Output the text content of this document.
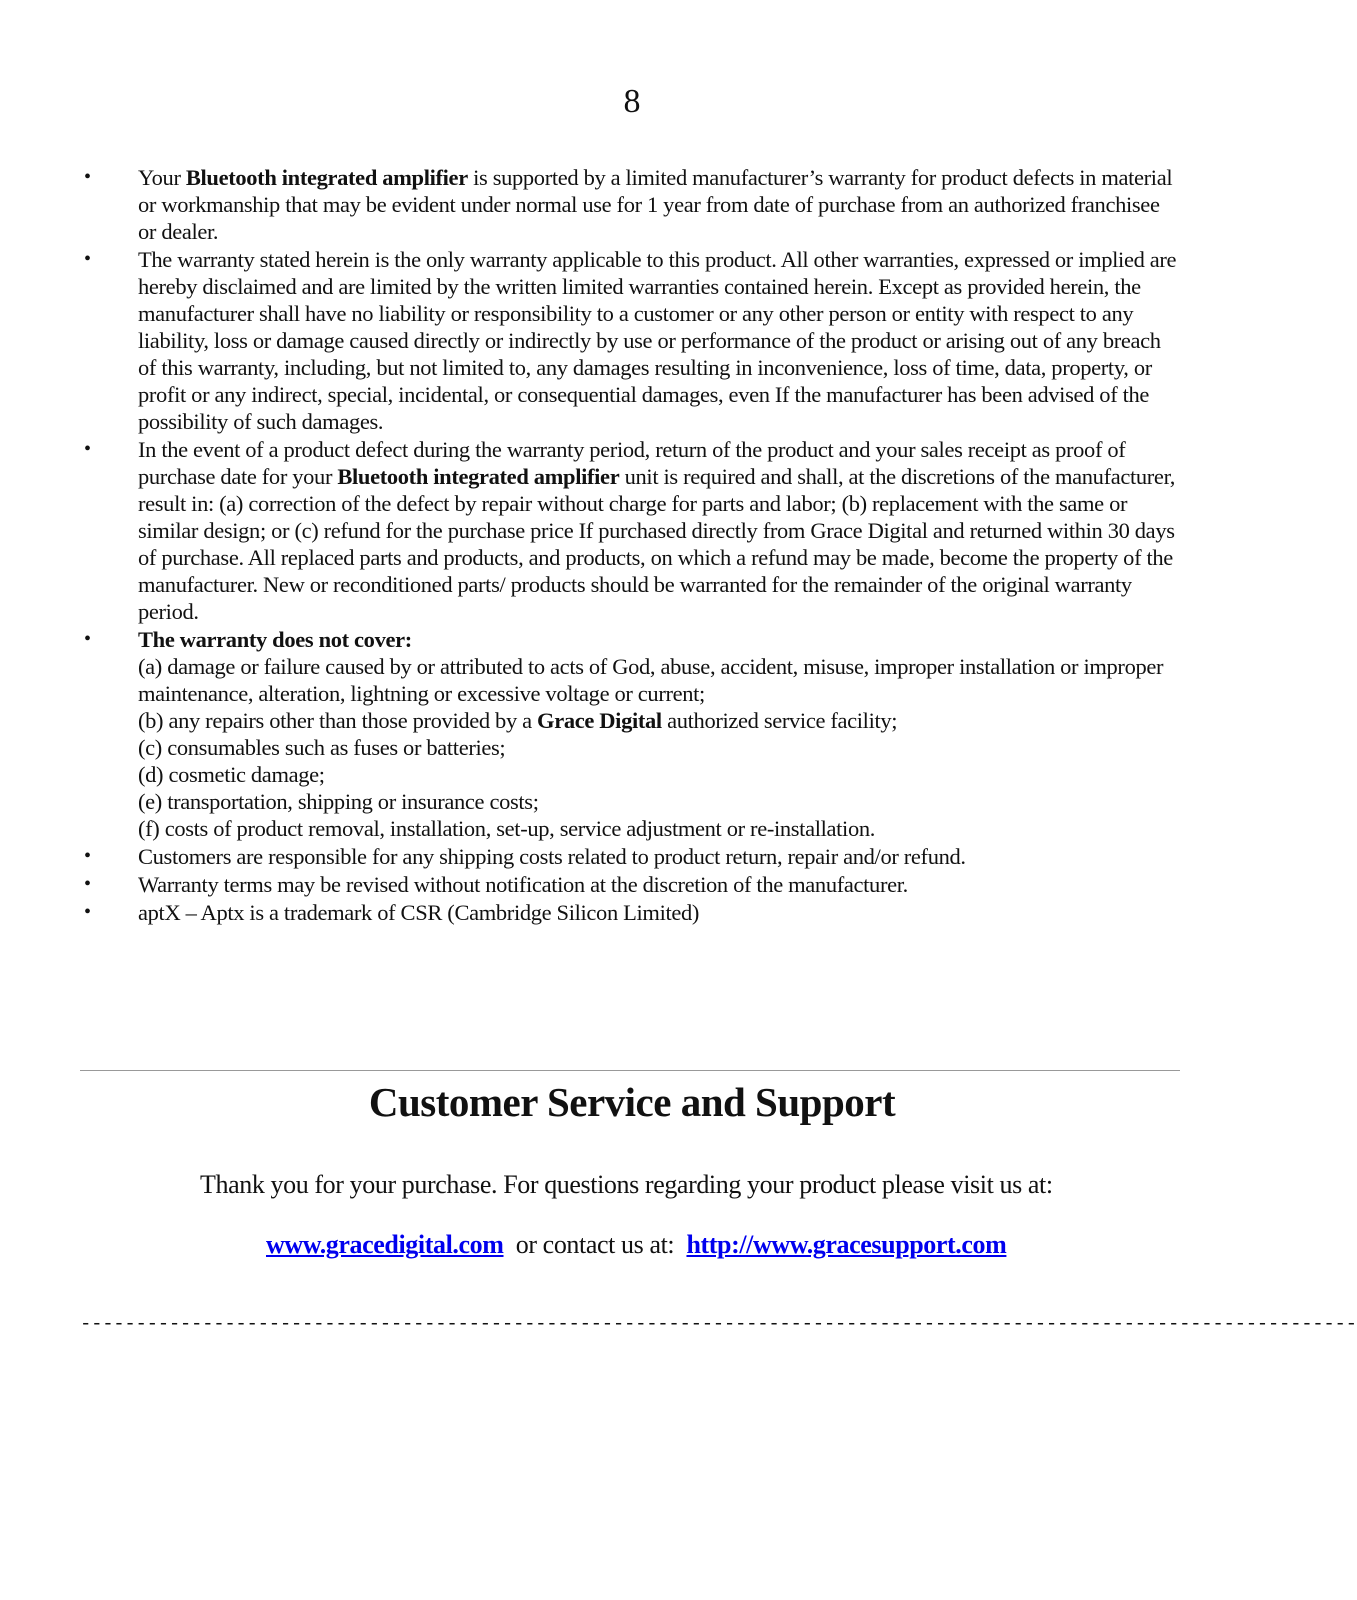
8
• Your Bluetooth integrated amplifier is supported by a limited manufacturer’s warranty for product defects in material or workmanship that may be evident under normal use for 1 year from date of purchase from an authorized franchisee or dealer.
• The warranty stated herein is the only warranty applicable to this product. All other warranties, expressed or implied are hereby disclaimed and are limited by the written limited warranties contained herein. Except as provided herein, the manufacturer shall have no liability or responsibility to a customer or any other person or entity with respect to any liability, loss or damage caused directly or indirectly by use or performance of the product or arising out of any breach of this warranty, including, but not limited to, any damages resulting in inconvenience, loss of time, data, property, or profit or any indirect, special, incidental, or consequential damages, even If the manufacturer has been advised of the possibility of such damages.
• In the event of a product defect during the warranty period, return of the product and your sales receipt as proof of purchase date for your Bluetooth integrated amplifier unit is required and shall, at the discretions of the manufacturer, result in: (a) correction of the defect by repair without charge for parts and labor; (b) replacement with the same or similar design; or (c) refund for the purchase price If purchased directly from Grace Digital and returned within 30 days of purchase. All replaced parts and products, and products, on which a refund may be made, become the property of the manufacturer. New or reconditioned parts/ products should be warranted for the remainder of the original warranty period.
• The warranty does not cover:
(a) damage or failure caused by or attributed to acts of God, abuse, accident, misuse, improper installation or improper maintenance, alteration, lightning or excessive voltage or current;
(b) any repairs other than those provided by a Grace Digital authorized service facility;
(c) consumables such as fuses or batteries;
(d) cosmetic damage;
(e) transportation, shipping or insurance costs;
(f) costs of product removal, installation, set-up, service adjustment or re-installation.
• Customers are responsible for any shipping costs related to product return, repair and/or refund.
• Warranty terms may be revised without notification at the discretion of the manufacturer.
• aptX – Aptx is a trademark of CSR (Cambridge Silicon Limited)
Customer Service and Support
Thank you for your purchase. For questions regarding your product please visit us at:
www.gracedigital.com  or contact us at:  http://www.gracesupport.com
-------------------------------------------------------------------------------------------------------------------
